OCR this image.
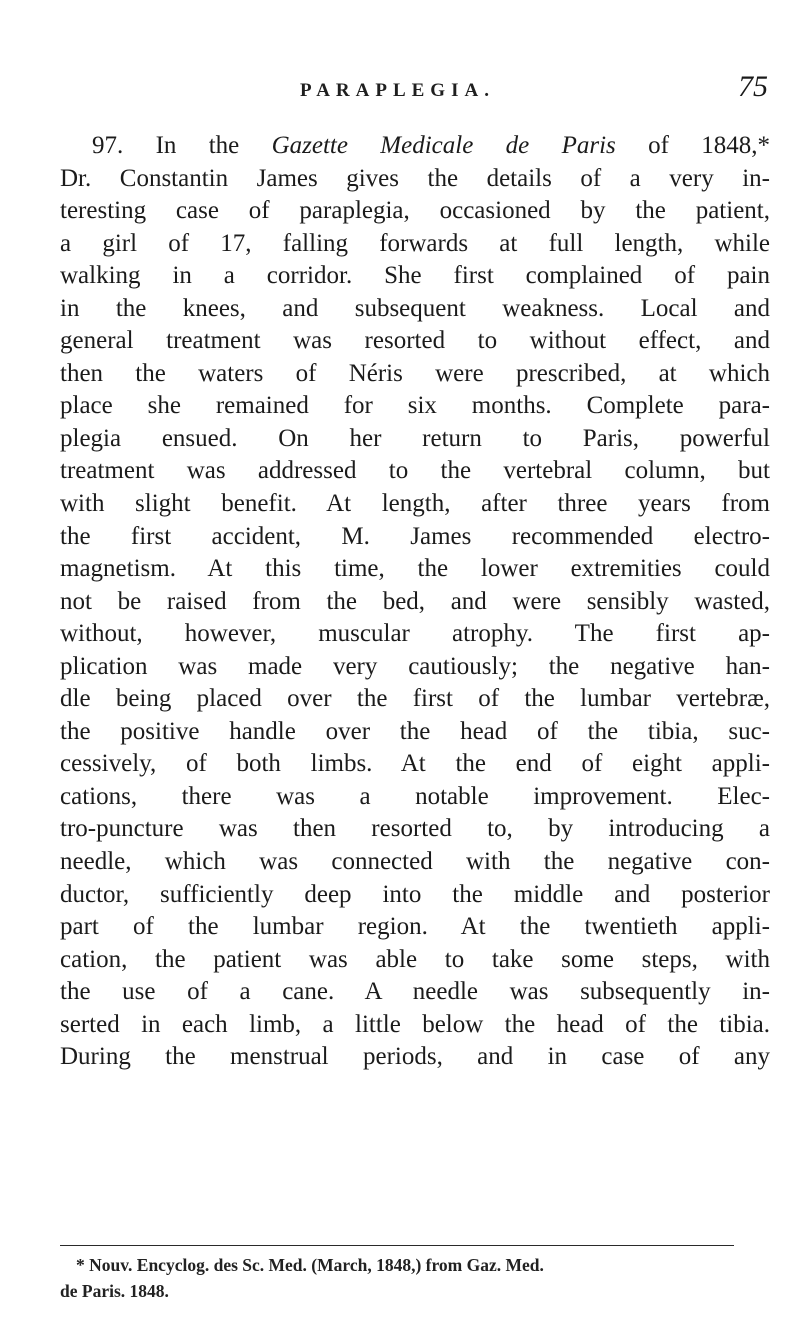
PARAPLEGIA.	75
97. In the Gazette Medicale de Paris of 1848,*
Dr. Constantin James gives the details of a very in-
teresting case of paraplegia, occasioned by the patient,
a girl of 17, falling forwards at full length, while
walking in a corridor. She first complained of pain
in the knees, and subsequent weakness. Local and
general treatment was resorted to without effect, and
then the waters of Néris were prescribed, at which
place she remained for six months. Complete para-
plegia ensued. On her return to Paris, powerful
treatment was addressed to the vertebral column, but
with slight benefit. At length, after three years from
the first accident, M. James recommended electro-
magnetism. At this time, the lower extremities could
not be raised from the bed, and were sensibly wasted,
without, however, muscular atrophy. The first ap-
plication was made very cautiously; the negative han-
dle being placed over the first of the lumbar vertebræ,
the positive handle over the head of the tibia, suc-
cessively, of both limbs. At the end of eight appli-
cations, there was a notable improvement. Elec-
tro-puncture was then resorted to, by introducing a
needle, which was connected with the negative con-
ductor, sufficiently deep into the middle and posterior
part of the lumbar region. At the twentieth appli-
cation, the patient was able to take some steps, with
the use of a cane. A needle was subsequently in-
serted in each limb, a little below the head of the tibia.
During the menstrual periods, and in case of any
* Nouv. Encyclog. des Sc. Med. (March, 1848,) from Gaz. Med.
de Paris. 1848.
